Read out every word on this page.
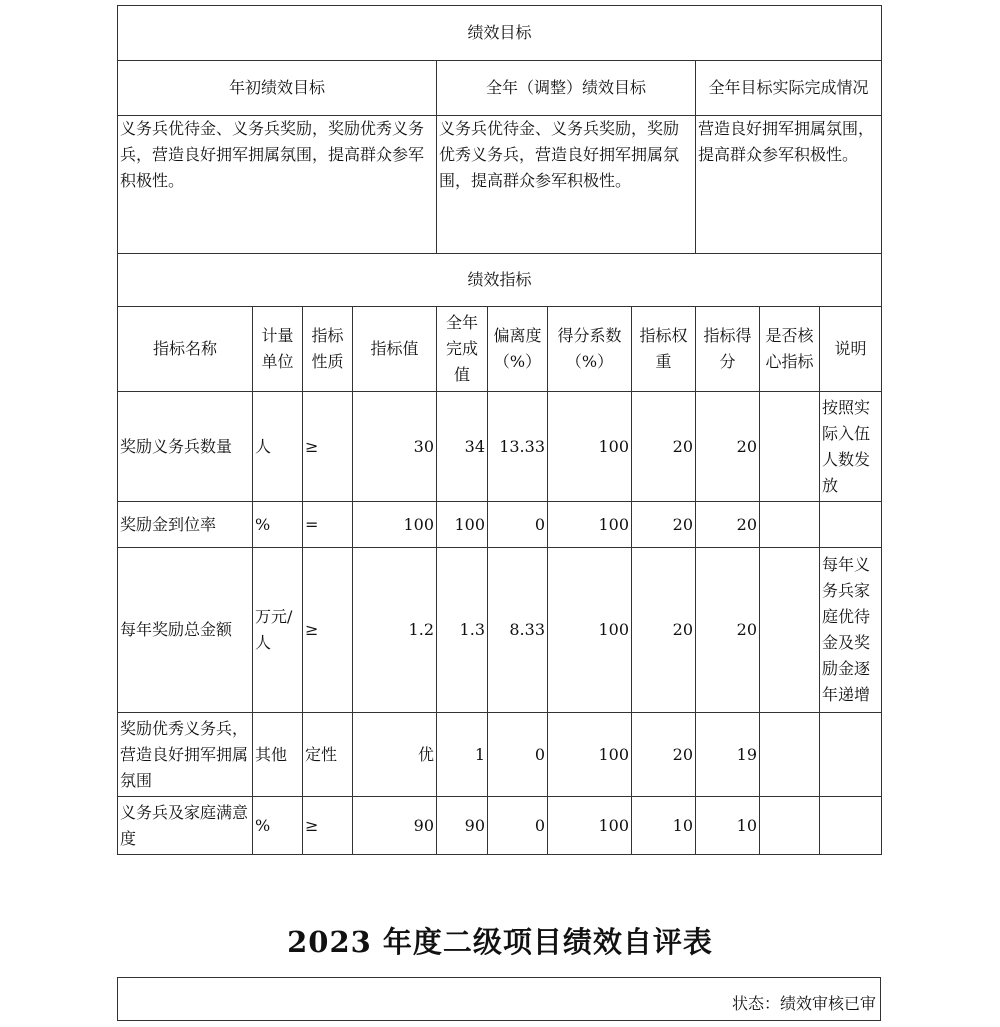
绩效目标										
年初绩效目标				全年（调整）绩效目标				全年目标实际完成情况		
义务兵优待金、义务兵奖励，奖励优秀义务兵，营造良好拥军拥属氛围，提高群众参军积极性。				义务兵优待金、义务兵奖励，奖励优秀义务兵，营造良好拥军拥属氛围，提高群众参军积极性。				营造良好拥军拥属氛围，提高群众参军积极性。		
绩效指标										
指标名称	计量单位	指标性质	指标值	全年完成值	偏离度（%）	得分系数（%）	指标权重	指标得分	是否核心指标	说明
奖励义务兵数量	人	≥	30	34	13.33	100	20	20		按照实际入伍人数发放
奖励金到位率	%	=	100	100	0	100	20	20		
每年奖励总金额	万元/人	≥	1.2	1.3	8.33	100	20	20		每年义务兵家庭优待金及奖励金逐年递增
奖励优秀义务兵，营造良好拥军拥属氛围	其他	定性	优	1	0	100	20	19		
义务兵及家庭满意度	%	≥	90	90	0	100	10	10		
2023 年度二级项目绩效自评表
状态：绩效审核已审
